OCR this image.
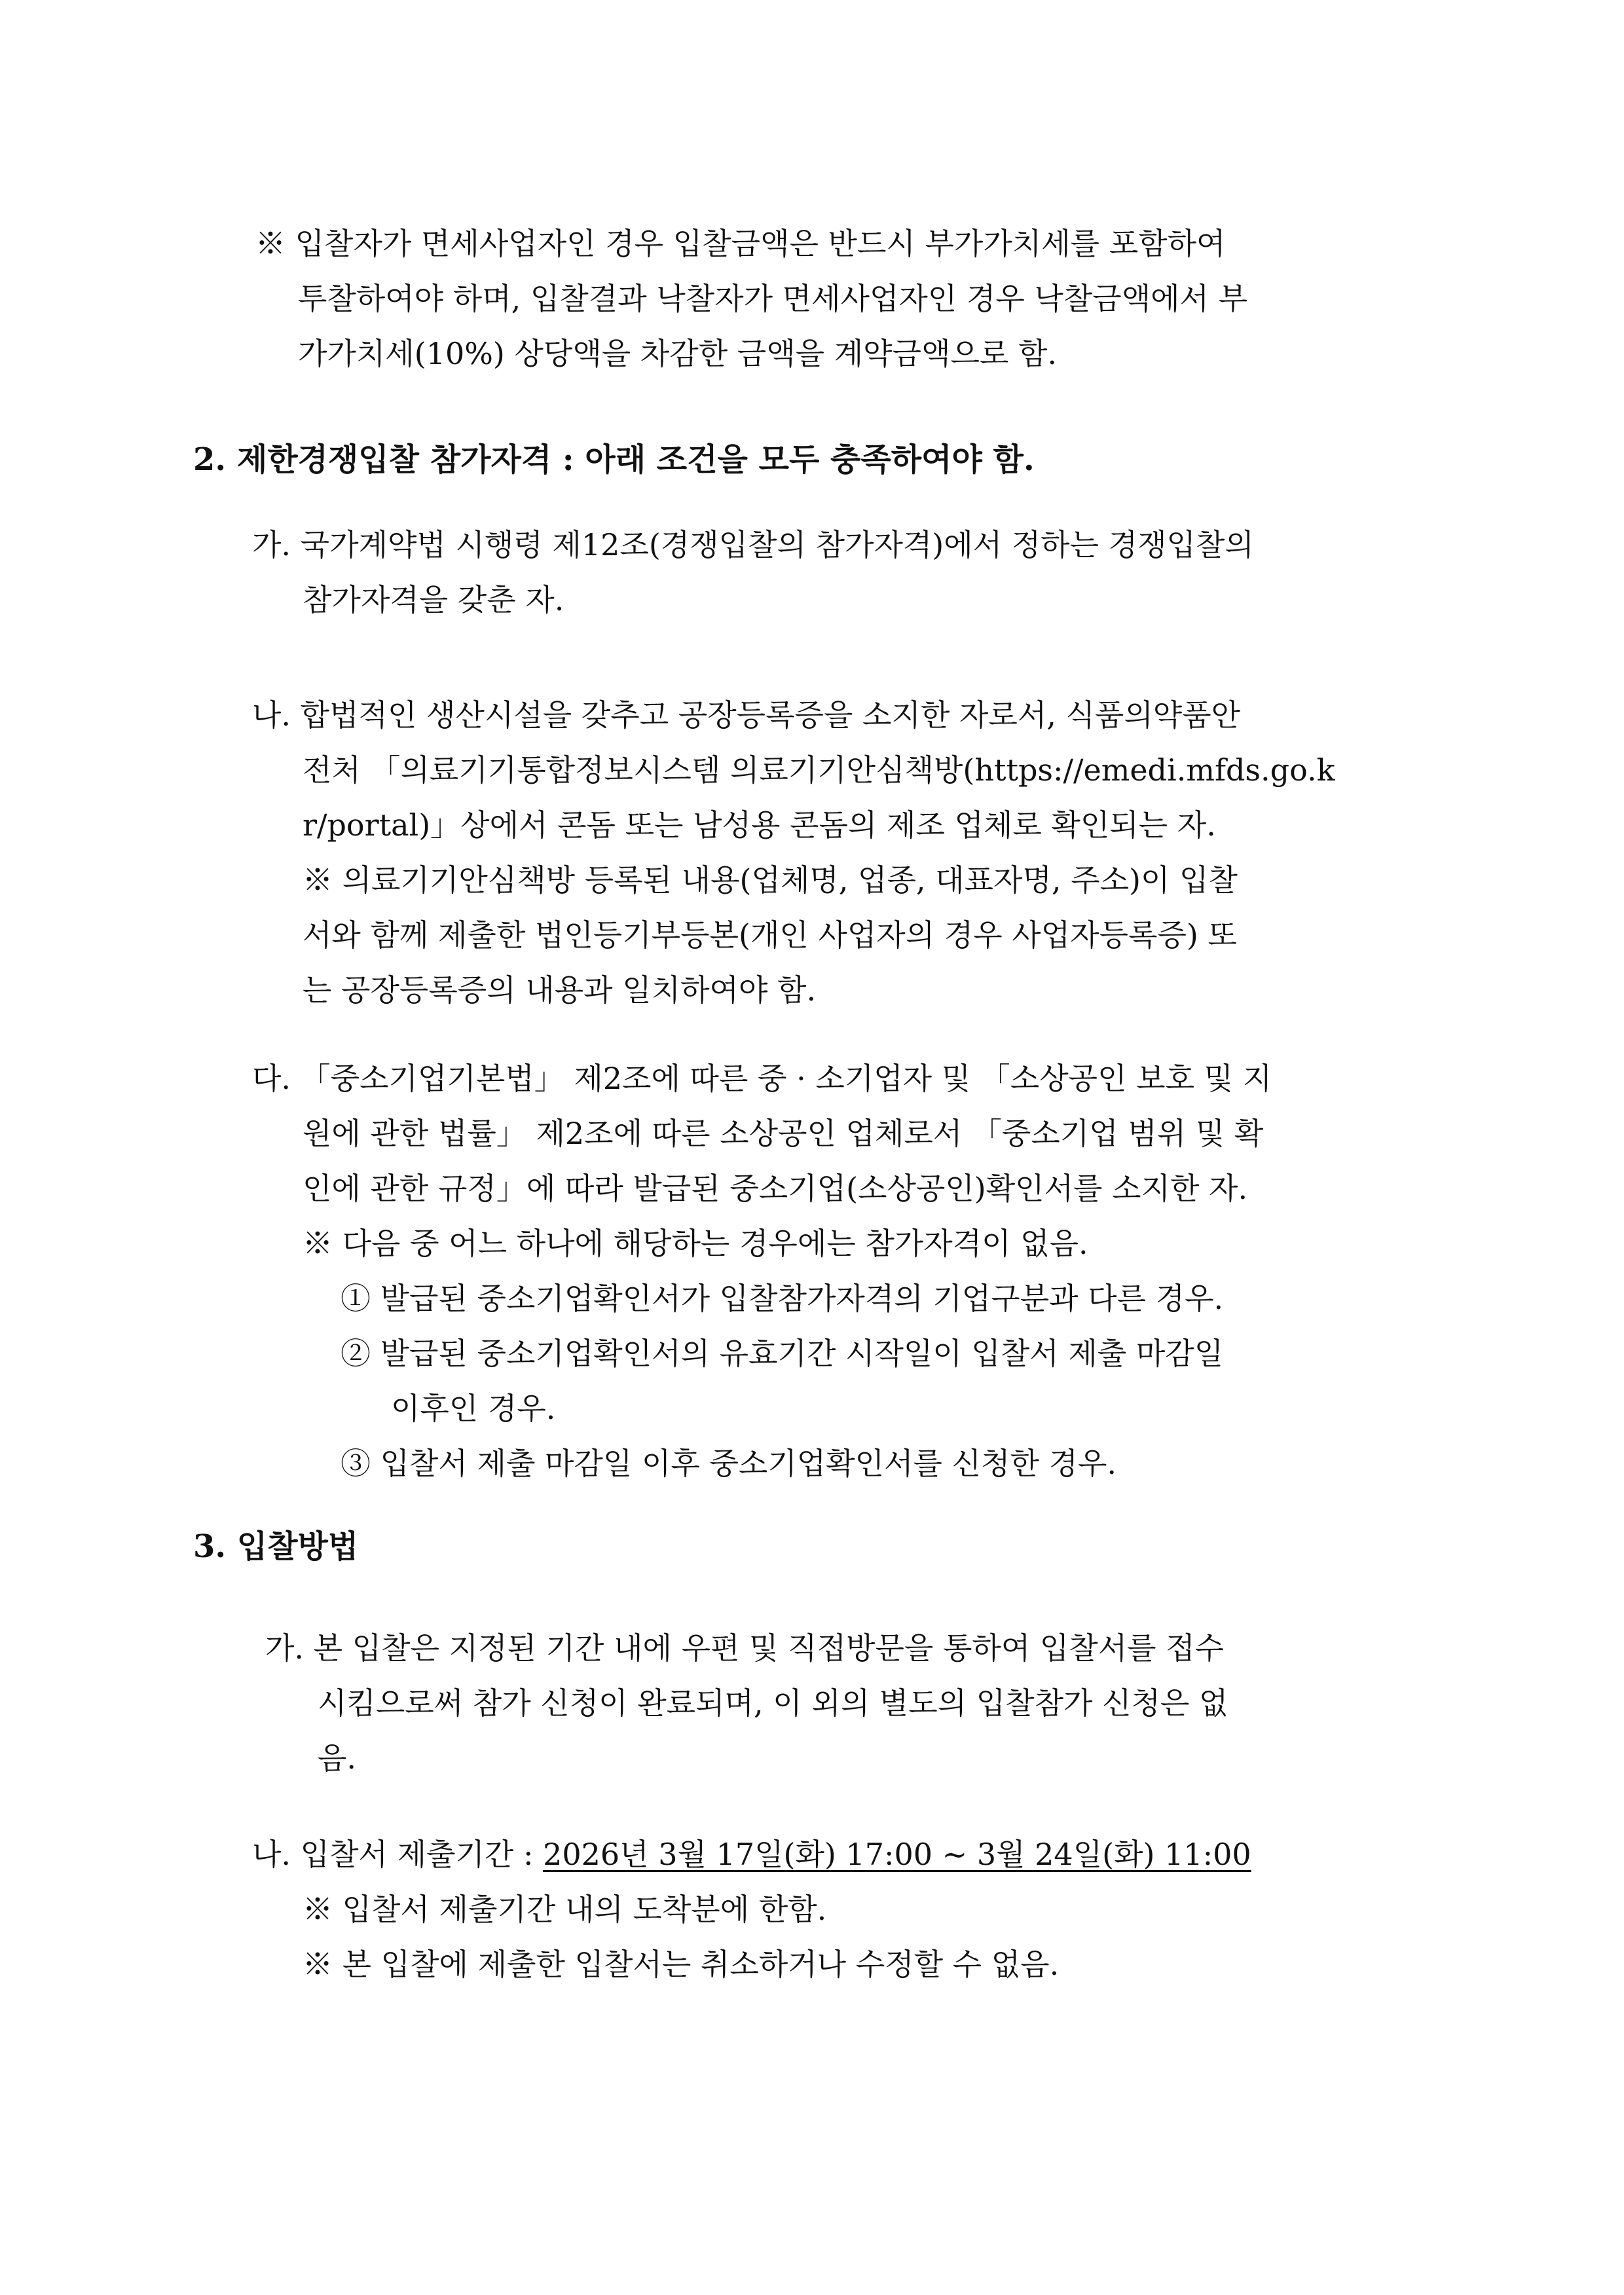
※ 입찰자가 면세사업자인 경우 입찰금액은 반드시 부가가치세를 포함하여
투찰하여야 하며, 입찰결과 낙찰자가 면세사업자인 경우 낙찰금액에서 부
가가치세(10%) 상당액을 차감한 금액을 계약금액으로 함.
2. 제한경쟁입찰 참가자격 : 아래 조건을 모두 충족하여야 함.
가. 국가계약법 시행령 제12조(경쟁입찰의 참가자격)에서 정하는 경쟁입찰의
참가자격을 갖춘 자.
나. 합법적인 생산시설을 갖추고 공장등록증을 소지한 자로서, 식품의약품안
전처 「의료기기통합정보시스템 의료기기안심책방(https://emedi.mfds.go.k
r/portal)」상에서 콘돔 또는 남성용 콘돔의 제조 업체로 확인되는 자.
※ 의료기기안심책방 등록된 내용(업체명, 업종, 대표자명, 주소)이 입찰
서와 함께 제출한 법인등기부등본(개인 사업자의 경우 사업자등록증) 또
는 공장등록증의 내용과 일치하여야 함.
다. 「중소기업기본법」 제2조에 따른 중 · 소기업자 및 「소상공인 보호 및 지
원에 관한 법률」 제2조에 따른 소상공인 업체로서 「중소기업 범위 및 확
인에 관한 규정」에 따라 발급된 중소기업(소상공인)확인서를 소지한 자.
※ 다음 중 어느 하나에 해당하는 경우에는 참가자격이 없음.
① 발급된 중소기업확인서가 입찰참가자격의 기업구분과 다른 경우.
② 발급된 중소기업확인서의 유효기간 시작일이 입찰서 제출 마감일
이후인 경우.
③ 입찰서 제출 마감일 이후 중소기업확인서를 신청한 경우.
3. 입찰방법
가. 본 입찰은 지정된 기간 내에 우편 및 직접방문을 통하여 입찰서를 접수
시킴으로써 참가 신청이 완료되며, 이 외의 별도의 입찰참가 신청은 없
음.
나. 입찰서 제출기간 : 2026년 3월 17일(화) 17:00 ~ 3월 24일(화) 11:00
※ 입찰서 제출기간 내의 도착분에 한함.
※ 본 입찰에 제출한 입찰서는 취소하거나 수정할 수 없음.
